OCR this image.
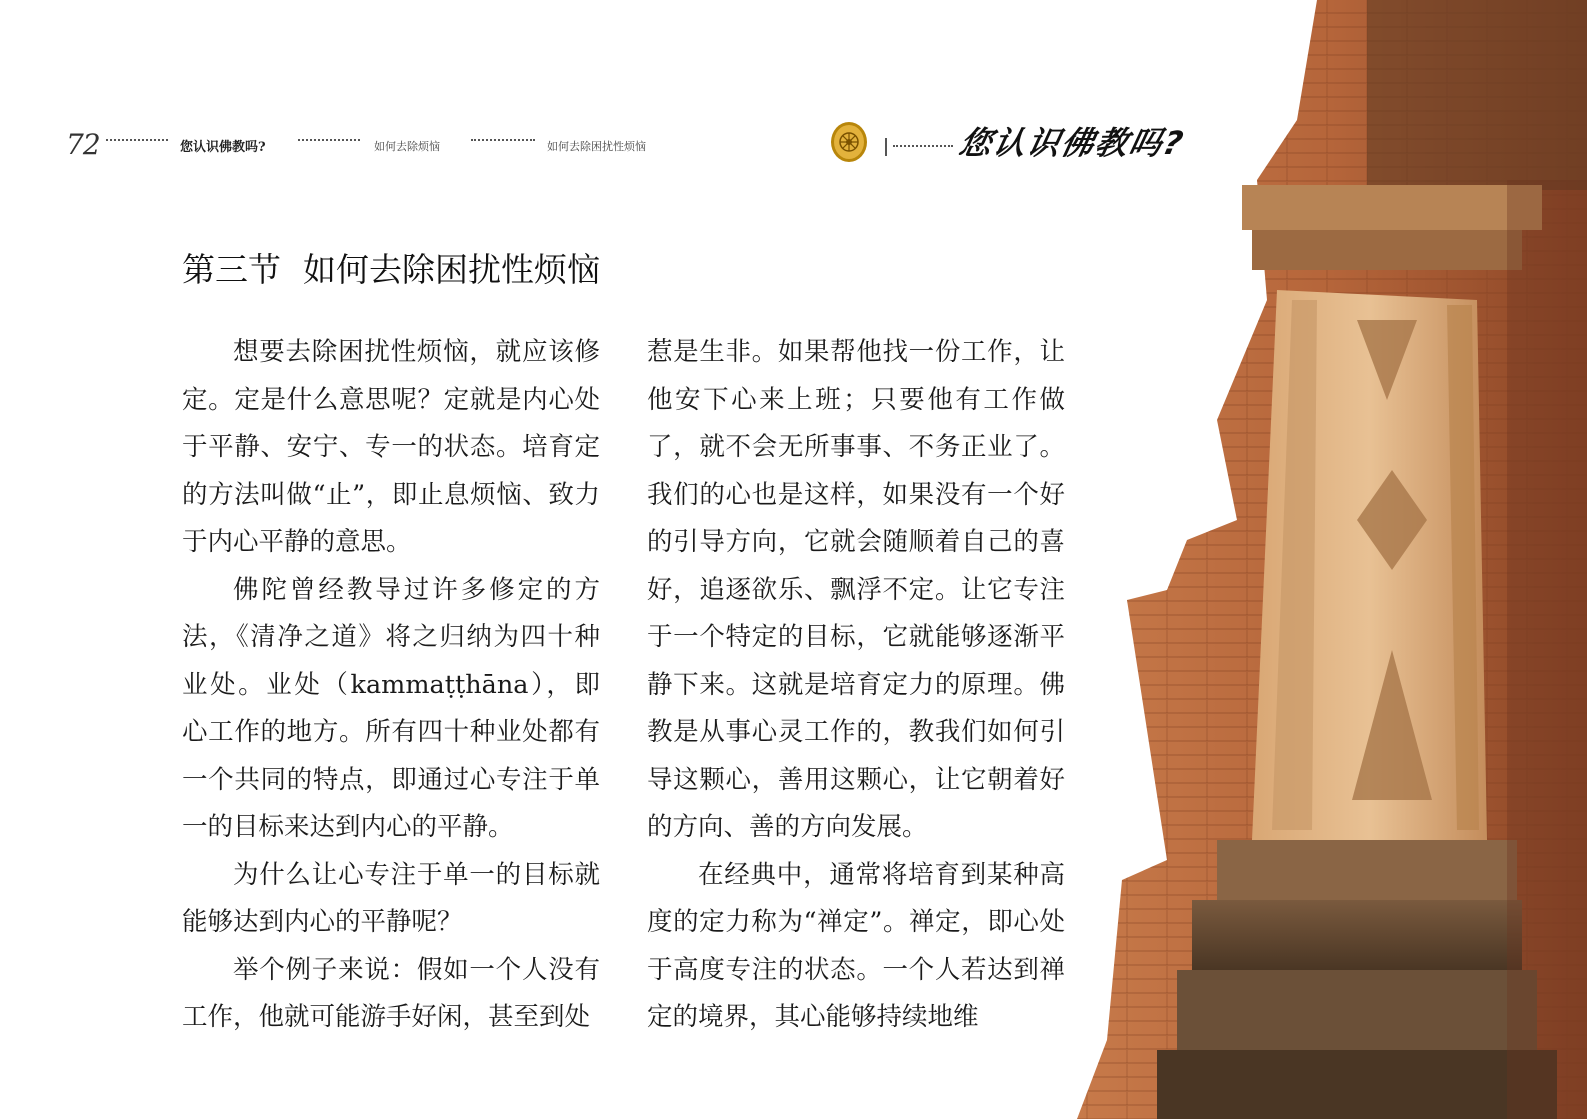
72	您认识佛教吗?	如何去除烦恼	如何去除困扰性烦恼	您认识佛教吗?
第三节 如何去除困扰性烦恼

想要去除困扰性烦恼，就应该修定。定是什么意思呢？定就是内心处于平静、安宁、专一的状态。培育定的方法叫做“止”，即止息烦恼、致力于内心平静的意思。

佛陀曾经教导过许多修定的方法，《清净之道》将之归纳为四十种业处。业处（kammaṭṭhāna），即心工作的地方。所有四十种业处都有一个共同的特点，即通过心专注于单一的目标来达到内心的平静。

为什么让心专注于单一的目标就能够达到内心的平静呢？

举个例子来说：假如一个人没有工作，他就可能游手好闲，甚至到处

惹是生非。如果帮他找一份工作，让他安下心来上班；只要他有工作做了，就不会无所事事、不务正业了。我们的心也是这样，如果没有一个好的引导方向，它就会随顺着自己的喜好，追逐欲乐、飘浮不定。让它专注于一个特定的目标，它就能够逐渐平静下来。这就是培育定力的原理。佛教是从事心灵工作的，教我们如何引导这颗心，善用这颗心，让它朝着好的方向、善的方向发展。

在经典中，通常将培育到某种高度的定力称为“禅定”。禅定，即心处于高度专注的状态。一个人若达到禅定的境界，其心能够持续地维
